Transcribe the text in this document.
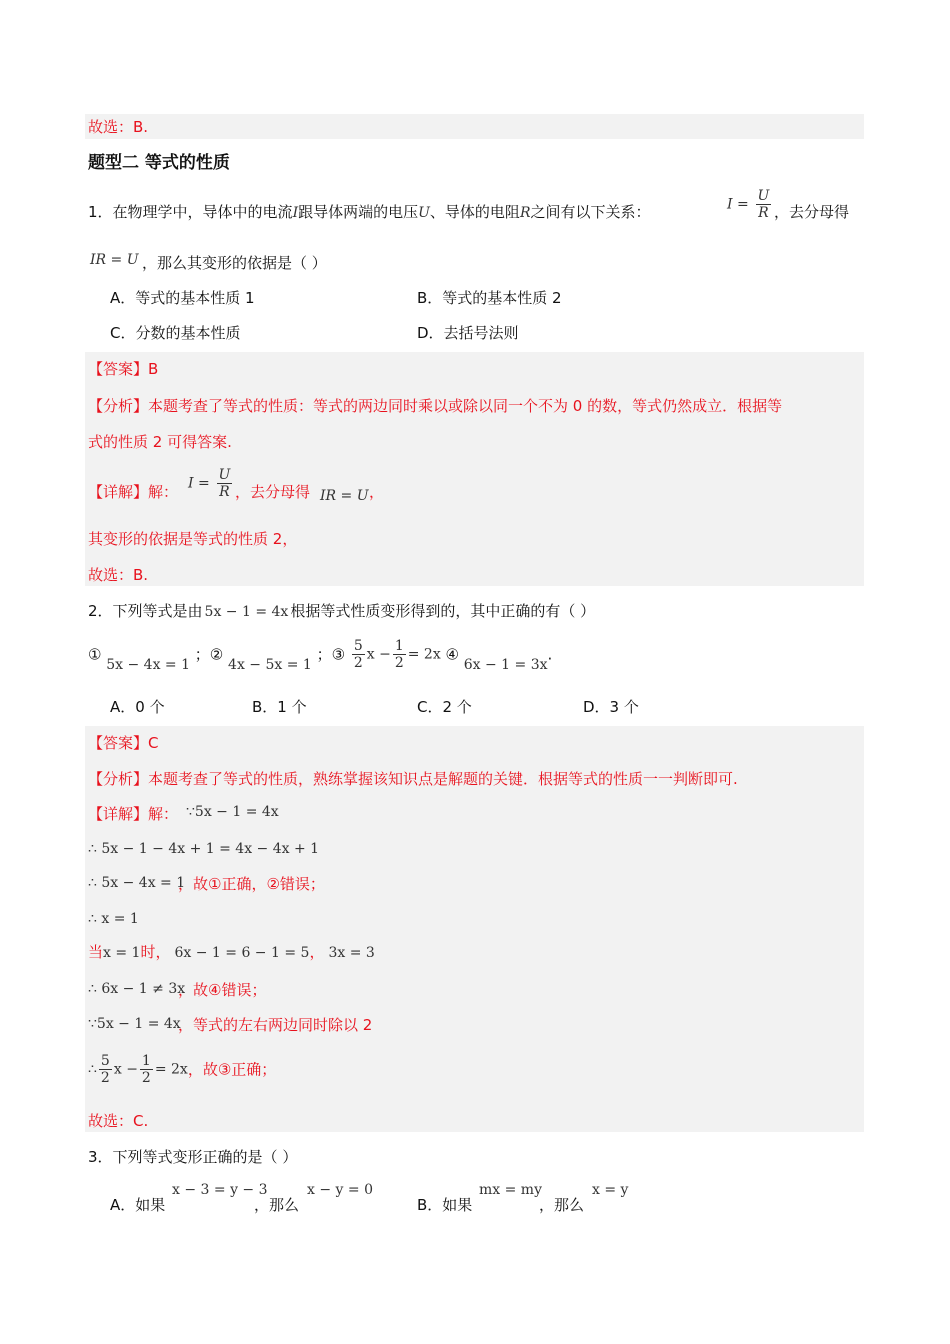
故选：B.
题型二 等式的性质
1．在物理学中，导体中的电流I跟导体两端的电压U、导体的电阻R之间有以下关系：	$I = \frac{U}{R}$ ，去分母得
IR = U ，那么其变形的依据是（ ）
A．等式的基本性质 1	B．等式的基本性质 2
C．分数的基本性质	D．去括号法则
【答案】B
【分析】本题考查了等式的性质：等式的两边同时乘以或除以同一个不为 0 的数，等式仍然成立．根据等
式的性质 2 可得答案.
【详解】解： $I = \frac{U}{R}$ ，去分母得 IR = U ，
其变形的依据是等式的性质 2，
故选：B.
2．下列等式是由 5x − 1 = 4x 根据等式性质变形得到的，其中正确的有（ ）
① 5x − 4x = 1 ；② 4x − 5x = 1 ；③ $\frac{5}{2}$ $x - \frac{1}{2} = 2x$ ④ 6x − 1 = 3x.
A．0 个	B．1 个	C．2 个	D．3 个
【答案】C
【分析】本题考查了等式的性质，熟练掌握该知识点是解题的关键．根据等式的性质一一判断即可.
【详解】解： ∵5x − 1 = 4x
∴ 5x − 1 − 4x + 1 = 4x − 4x + 1
∴ 5x − 4x = 1
，故①正确，②错误；
∴ x = 1
当x = 1时， 6x − 1 = 6 − 1 = 5， 3x = 3
∴ 6x − 1 ≠ 3x
，故④错误；
∵5x − 1 = 4x
，等式的左右两边同时除以 2
∴ $\frac{5}{2}$ $x - \frac{1}{2} = 2x$，故③正确；
故选：C.
3．下列等式变形正确的是（ ）
A．如果
x − 3 = y − 3
，那么
x − y = 0
B．如果
mx = my
，那么
x = y
